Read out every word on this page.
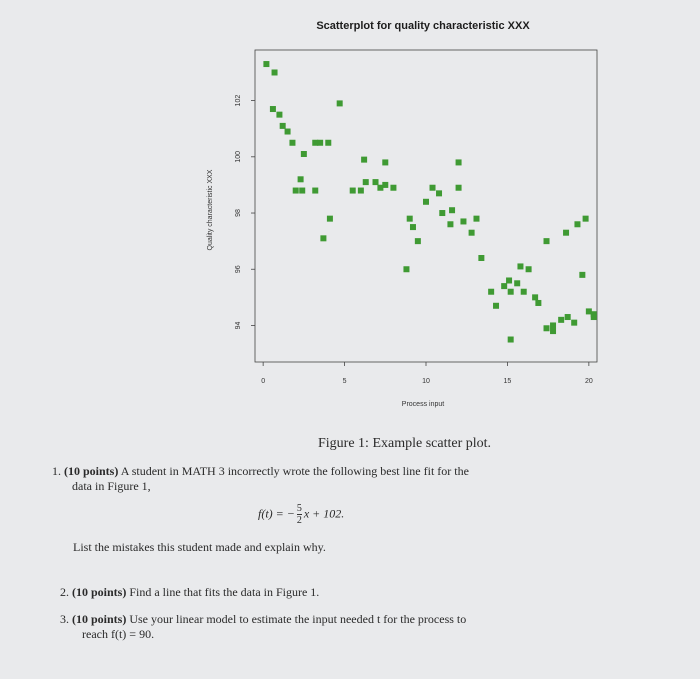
Scatterplot for quality characteristic XXX
0	5	10	15	20
94
96
98
100
102
Process input
Quality characteristic XXX
Figure 1: Example scatter plot.
1. (10 points) A student in MATH 3 incorrectly wrote the following best line fit for the
data in Figure 1,
f(t) = − $\frac{5}{2}$ x + 102.
List the mistakes this student made and explain why.
2. (10 points) Find a line that fits the data in Figure 1.
3. (10 points) Use your linear model to estimate the input needed t for the process to
reach f(t) = 90.
